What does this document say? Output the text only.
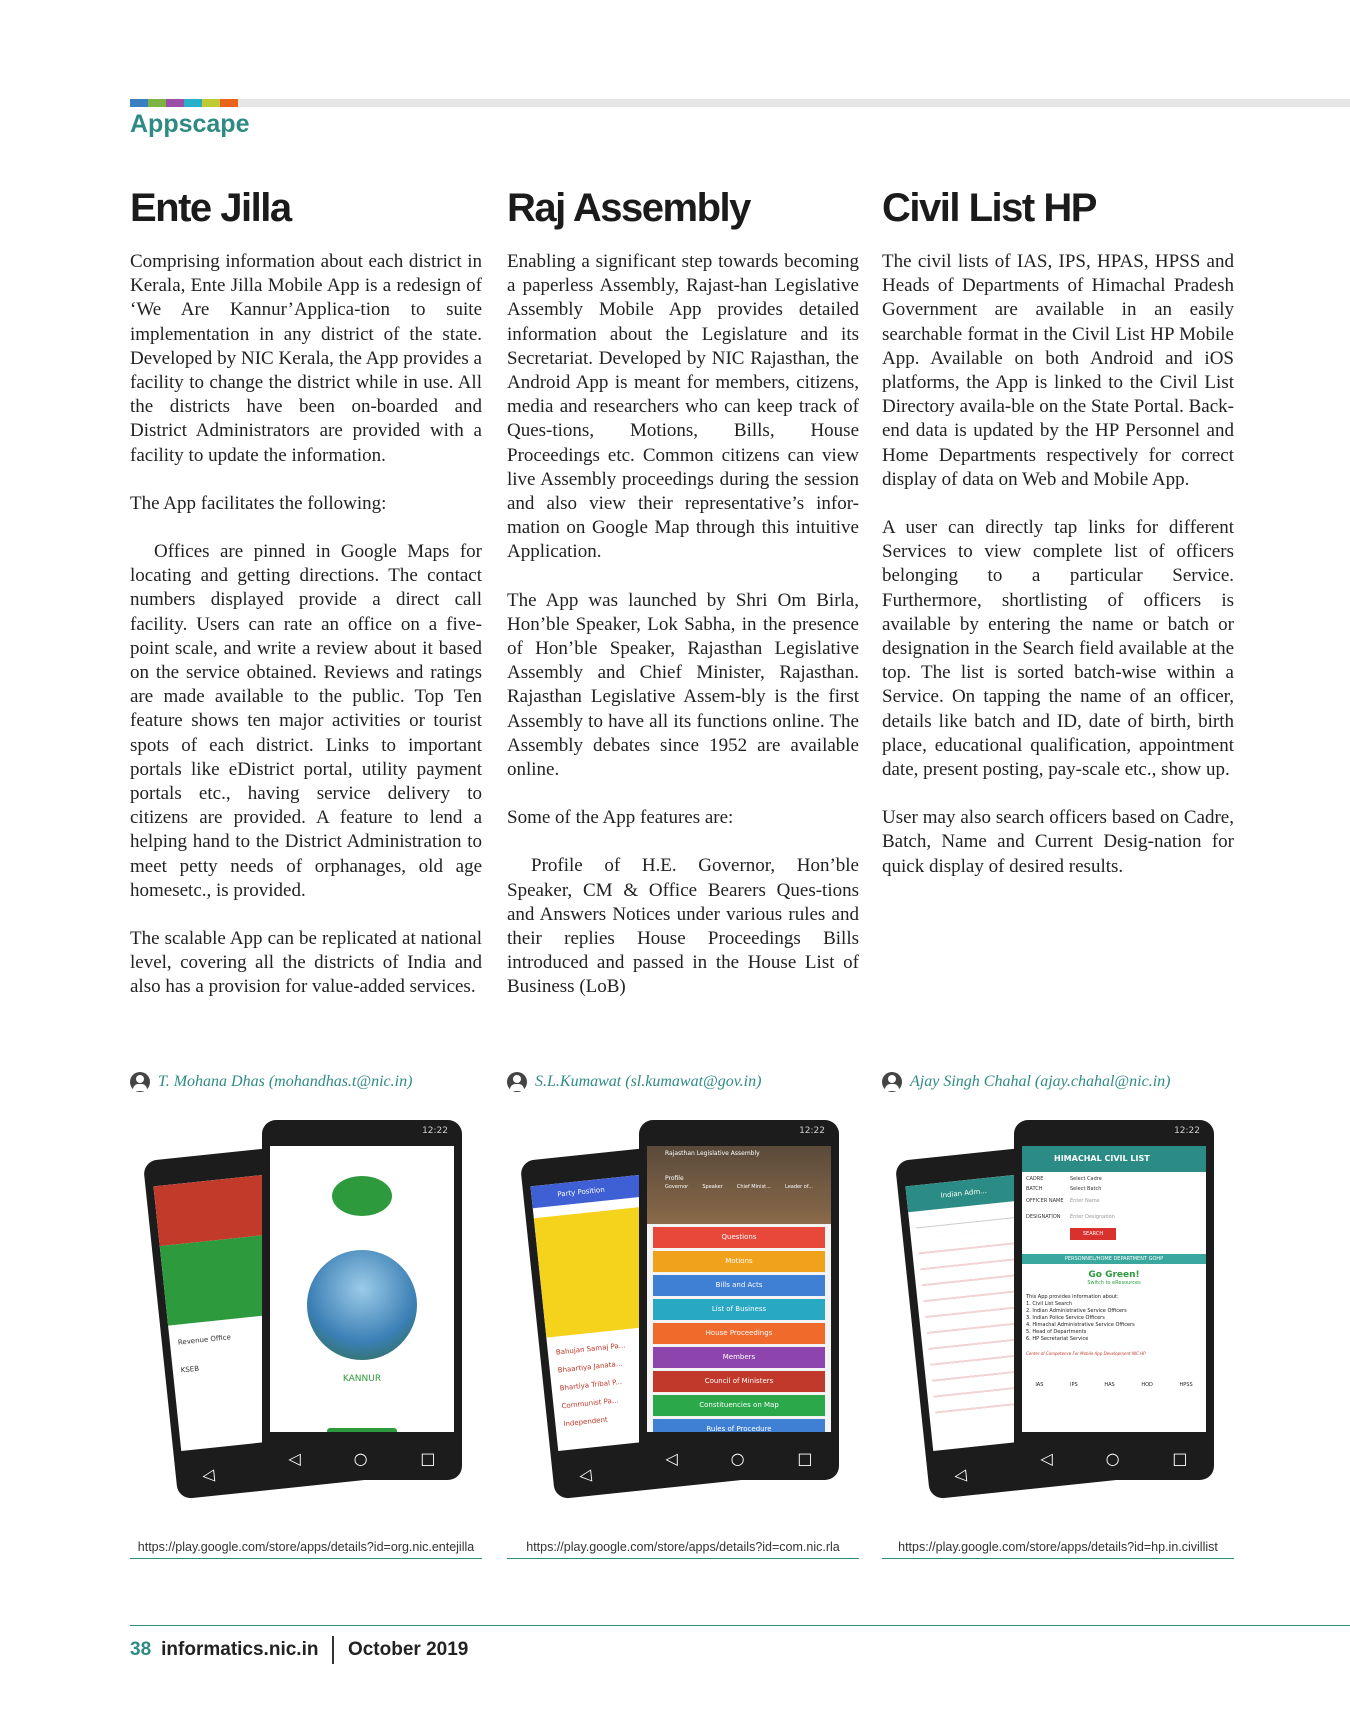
Appscape
Ente Jilla

Comprising information about each district in Kerala, Ente Jilla Mobile App is a redesign of ‘We Are Kannur’Applica-tion to suite implementation in any district of the state. Developed by NIC Kerala, the App provides a facility to change the district while in use. All the districts have been on-boarded and District Administrators are provided with a facility to update the information.

The App facilitates the following:

Offices are pinned in Google Maps for locating and getting directions. The contact numbers displayed provide a direct call facility. Users can rate an office on a five-point scale, and write a review about it based on the service obtained. Reviews and ratings are made available to the public. Top Ten feature shows ten major activities or tourist spots of each district. Links to important portals like eDistrict portal, utility payment portals etc., having service delivery to citizens are provided. A feature to lend a helping hand to the District Administration to meet petty needs of orphanages, old age homesetc., is provided.

The scalable App can be replicated at national level, covering all the districts of India and also has a provision for value-added services.

Raj Assembly

Enabling a significant step towards becoming a paperless Assembly, Rajast-han Legislative Assembly Mobile App provides detailed information about the Legislature and its Secretariat. Developed by NIC Rajasthan, the Android App is meant for members, citizens, media and researchers who can keep track of Ques-tions, Motions, Bills, House Proceedings etc. Common citizens can view live Assembly proceedings during the session and also view their representative’s infor-mation on Google Map through this intuitive Application.

The App was launched by Shri Om Birla, Hon’ble Speaker, Lok Sabha, in the presence of Hon’ble Speaker, Rajasthan Legislative Assembly and Chief Minister, Rajasthan. Rajasthan Legislative Assem-bly is the first Assembly to have all its functions online. The Assembly debates since 1952 are available online.

Some of the App features are:

Profile of H.E. Governor, Hon’ble Speaker, CM & Office Bearers Ques-tions and Answers Notices under various rules and their replies House Proceedings Bills introduced and passed in the House List of Business (LoB)

Civil List HP

The civil lists of IAS, IPS, HPAS, HPSS and Heads of Departments of Himachal Pradesh Government are available in an easily searchable format in the Civil List HP Mobile App. Available on both Android and iOS platforms, the App is linked to the Civil List Directory availa-ble on the State Portal. Back-end data is updated by the HP Personnel and Home Departments respectively for correct display of data on Web and Mobile App.

A user can directly tap links for different Services to view complete list of officers belonging to a particular Service. Furthermore, shortlisting of officers is available by entering the name or batch or designation in the Search field available at the top. The list is sorted batch-wise within a Service. On tapping the name of an officer, details like batch and ID, date of birth, birth place, educational qualification, appointment date, present posting, pay-scale etc., show up.

User may also search officers based on Cadre, Batch, Name and Current Desig-nation for quick display of desired results.

T. Mohana Dhas (mohandhas.t@nic.in)	S.L.Kumawat (sl.kumawat@gov.in)	Ajay Singh Chahal (ajay.chahal@nic.in)
Revenue Office
KSEB
◁
12:22
KANNUR
◁	○	□
Party Position
Bahujan Samaj Pa...
Bhaartiya Janata...
Bhartiya Tribal P...
Communist Pa...
Independent
◁
12:22
Rajasthan Legislative Assembly
Profile
Governor	Speaker	Chief Minist...	Leader of...
Questions
Motions
Bills and Acts
List of Business
House Proceedings
Members
Council of Ministers
Constituencies on Map
Rules of Procedure
◁	○	□
Indian Adm...
◁
12:22
HIMACHAL CIVIL LIST
CADRE	Select Cadre
BATCH	Select Batch
OFFICER NAME	Enter Name
DESIGNATION	Enter Designation
SEARCH
PERSONNEL/HOME DEPARTMENT GOHP
Go Green!
Switch to eResources
This App provides information about:
1. Civil List Search
2. Indian Administrative Service Officers
3. Indian Police Service Officers
4. Himachal Administrative Service Officers
5. Head of Departments
6. HP Secretariat Service
Center of Competence For Mobile App Development NIC HP
IAS	IPS	HAS	HOD	HPSS
◁	○	□
https://play.google.com/store/apps/details?id=org.nic.entejilla	https://play.google.com/store/apps/details?id=com.nic.rla	https://play.google.com/store/apps/details?id=hp.in.civillist
38 informatics.nic.in October 2019
